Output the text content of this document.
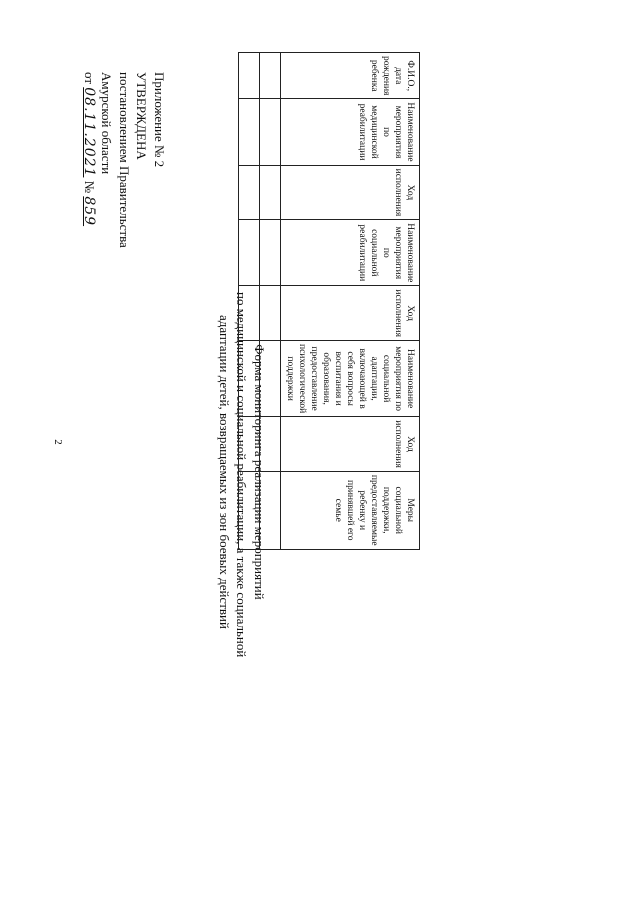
2
Приложение № 2
УТВЕРЖДЕНА
постановлением Правительства
Амурской области
от 08.11.2021 № 859
Форма мониторинга реализации мероприятий
по медицинской и социальной реабилитации, а также социальной
адаптации детей, возвращаемых из зон боевых действий
Ф.И.О., дата рождения ребенка	Наименование мероприятия по медицинской реабилитации	Ход исполнения	Наименование мероприятия по социальной реабилитации	Ход исполнения	Наименование мероприятия по социальной адаптации, включающей в себя вопросы воспитания и образования, предоставление психологической поддержки	Ход исполнения	Меры социальной поддержки, предоставляемые ребенку и принявшей его семье
